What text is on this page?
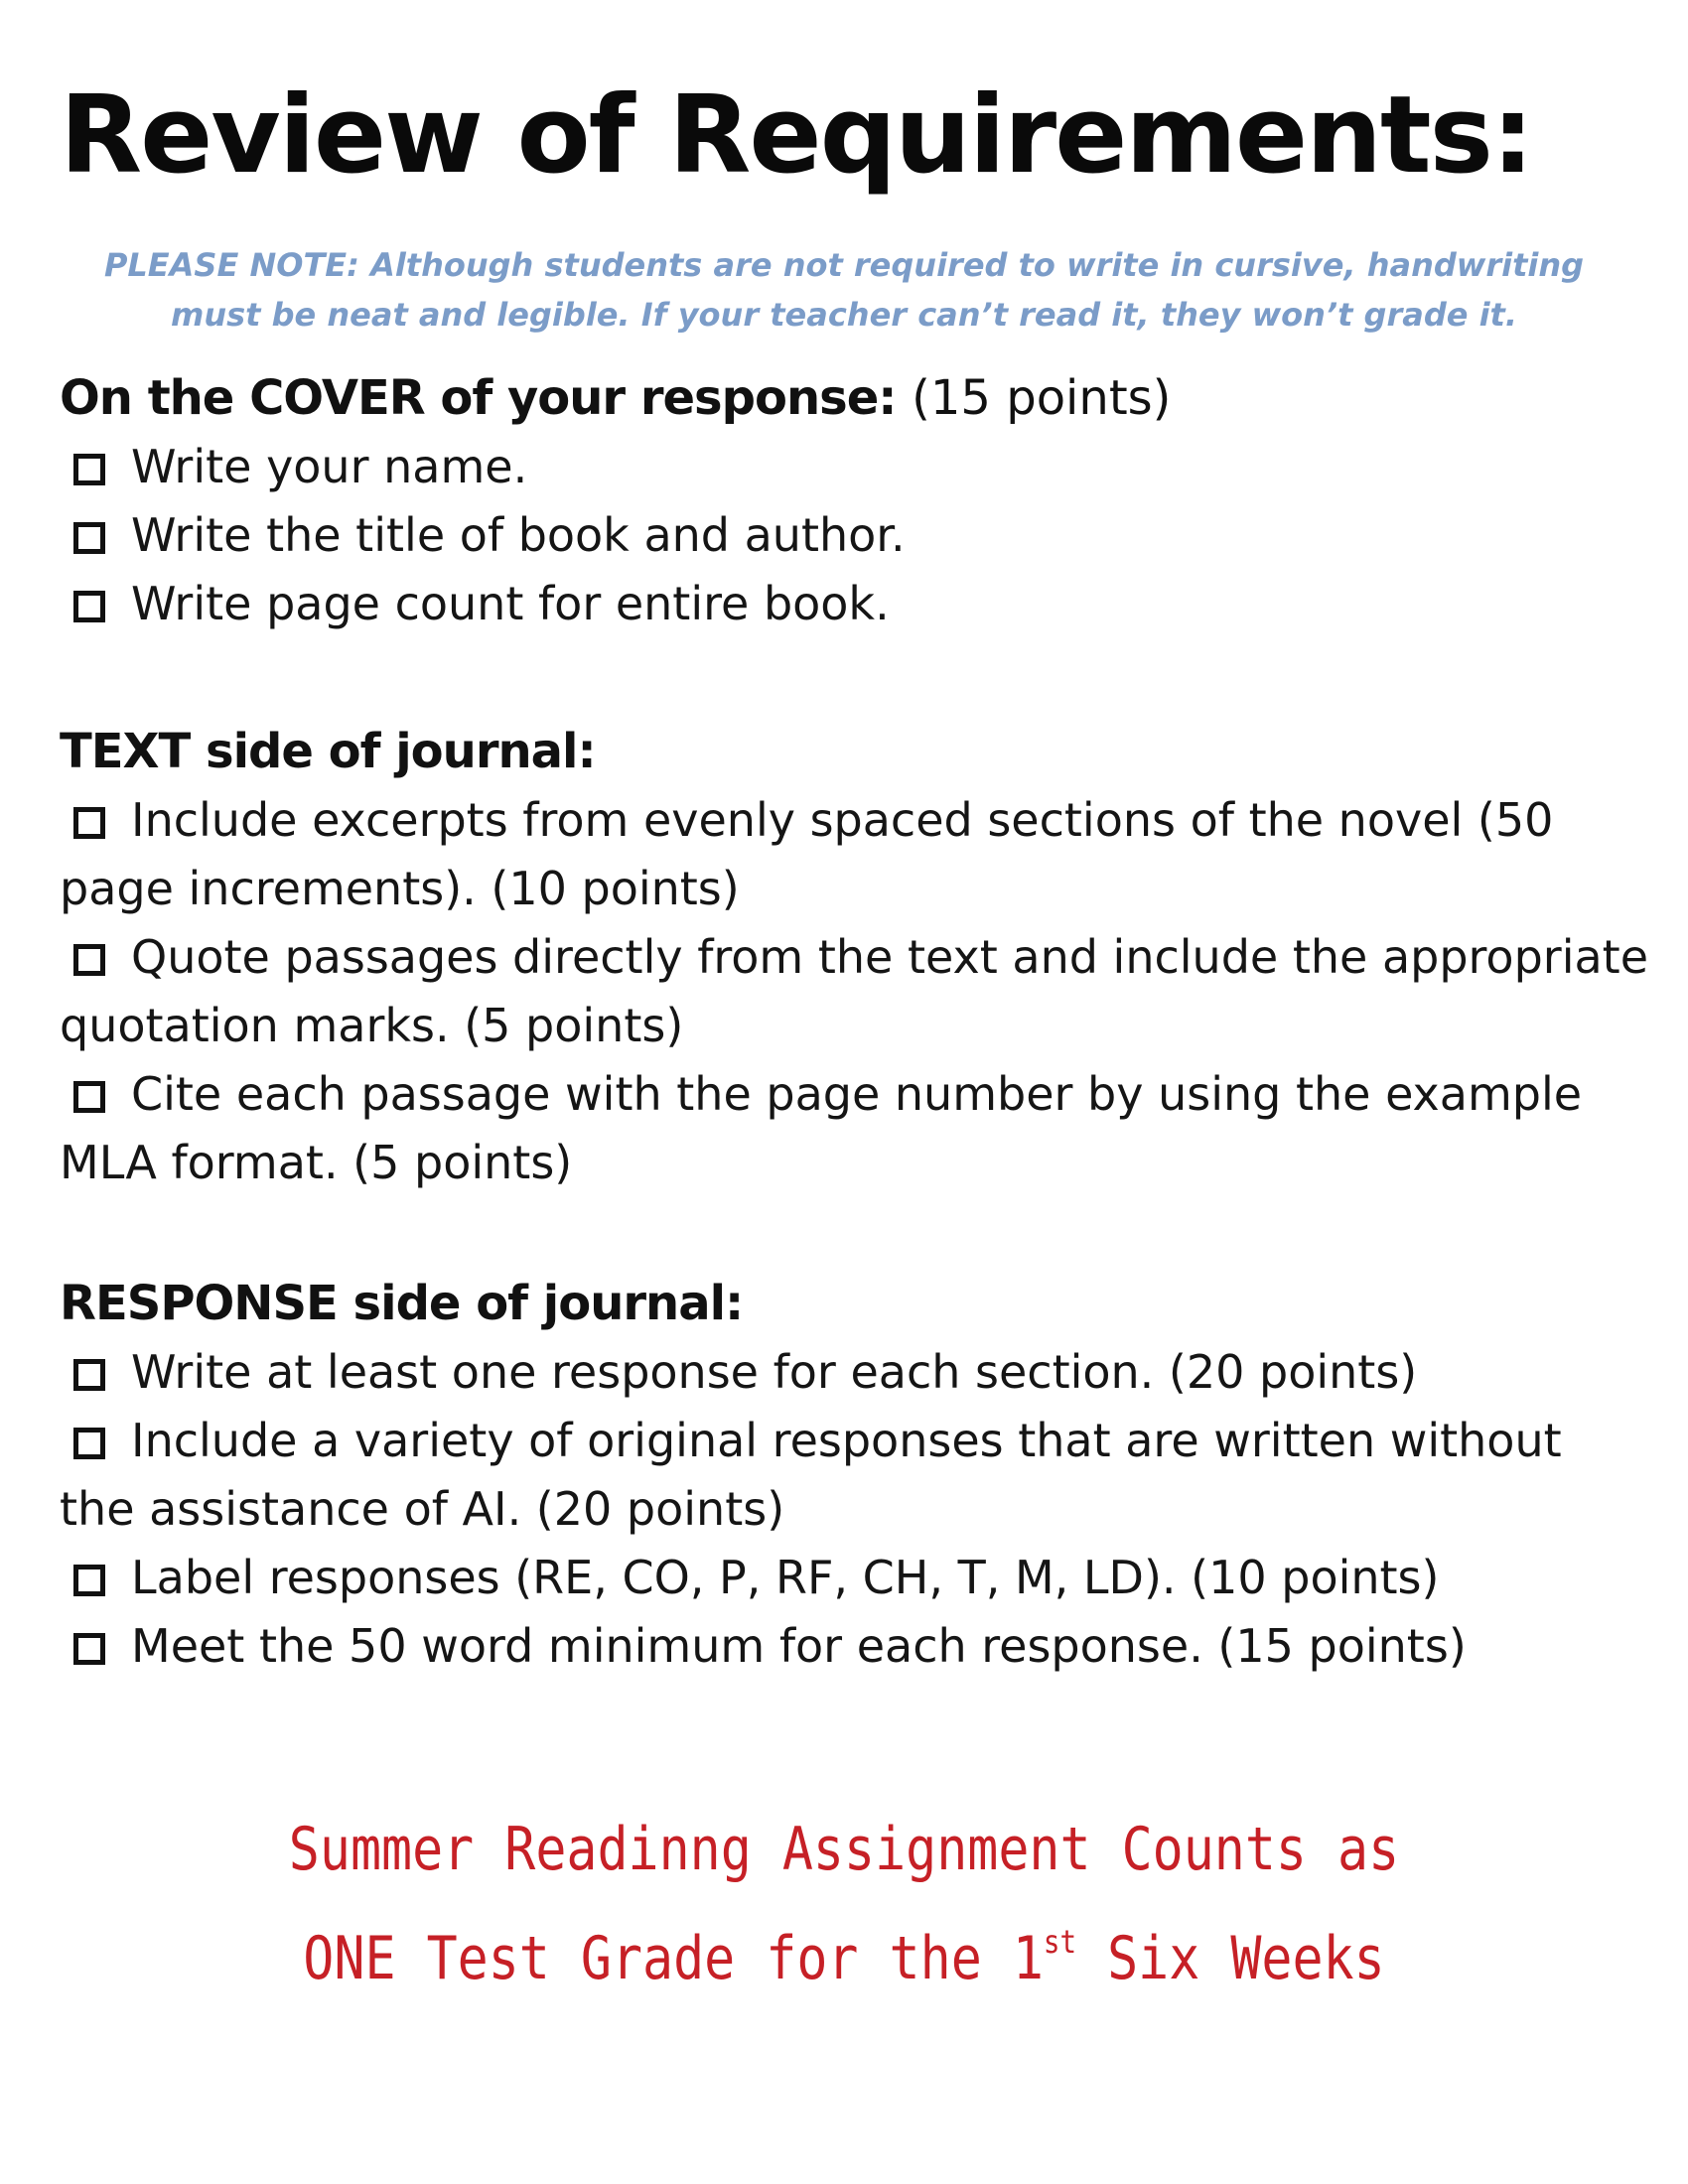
Review of Requirements:
PLEASE NOTE: Although students are not required to write in cursive, handwriting must be neat and legible. If your teacher can’t read it, they won’t grade it.
On the COVER of your response: (15 points)
Write your name.
Write the title of book and author.
Write page count for entire book.
TEXT side of journal:
Include excerpts from evenly spaced sections of the novel (50 page increments). (10 points)
Quote passages directly from the text and include the appropriate quotation marks. (5 points)
Cite each passage with the page number by using the example MLA format. (5 points)
RESPONSE side of journal:
Write at least one response for each section. (20 points)
Include a variety of original responses that are written without the assistance of AI. (20 points)
Label responses (RE, CO, P, RF, CH, T, M, LD). (10 points)
Meet the 50 word minimum for each response. (15 points)
Summer Readinng Assignment Counts as
ONE Test Grade for the 1st Six Weeks
